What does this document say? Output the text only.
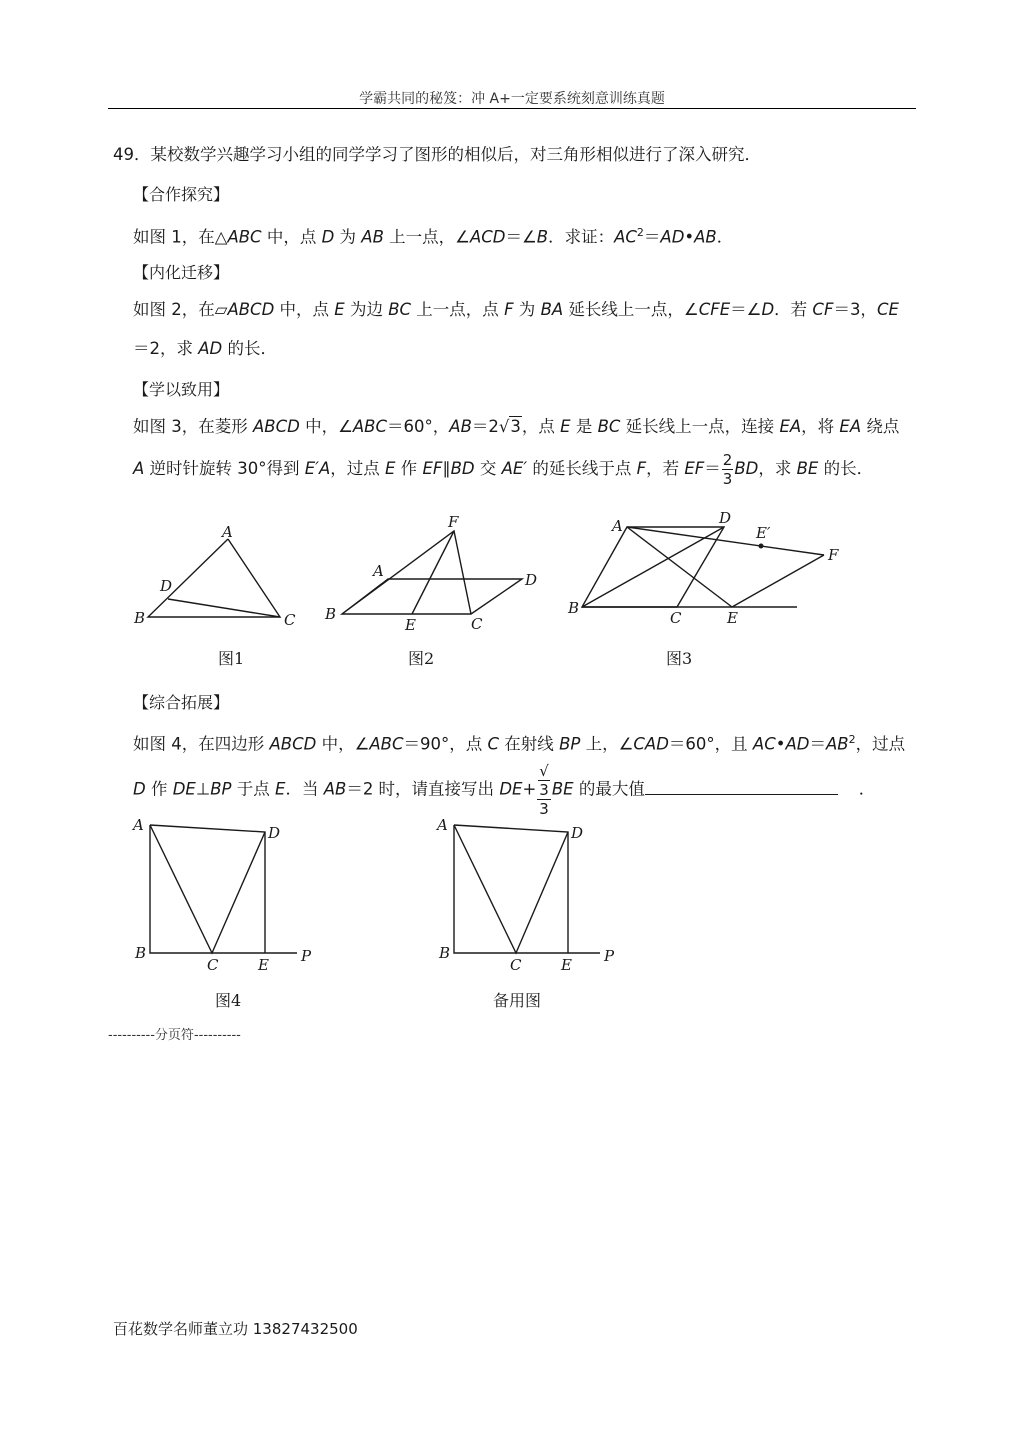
学霸共同的秘笈：冲 A+一定要系统刻意训练真题
49．某校数学兴趣学习小组的同学学习了图形的相似后，对三角形相似进行了深入研究．
【合作探究】
如图 1，在△ABC 中，点 D 为 AB 上一点，∠ACD＝∠B．求证：$AC^2=AD•AB$．
【内化迁移】
如图 2，在▱ABCD 中，点 E 为边 BC 上一点，点 F 为 BA 延长线上一点，∠CFE＝∠D．若 CF＝3，CE
＝2，求 AD 的长．
【学以致用】
如图 3，在菱形 ABCD 中，∠ABC＝60°，AB＝2√3，点 E 是 BC 延长线上一点，连接 EA，将 EA 绕点
A 逆时针旋转 30°得到 E′A，过点 E 作 EF∥BD 交 AE′ 的延长线于点 F，若 $EF= \frac{2}{3}$ BD，求 BE 的长．
A
D
B	C
图1
F
A	D
B
E	C
图2
A	D
E′
F
B
C	E
图3
【综合拓展】
如图 4，在四边形 ABCD 中，∠ABC＝90°，点 C 在射线 BP 上，∠CAD＝60°，且 $AC•AD=AB^2$，过点
D 作 DE⊥BP 于点 E．当 AB＝2 时，请直接写出 DE+ √
3
3 BE 的最大值	．
A	D
B
C	E P
图4
A	D
B
C	E P
备用图
----------分页符----------
百花数学名师董立功 13827432500
